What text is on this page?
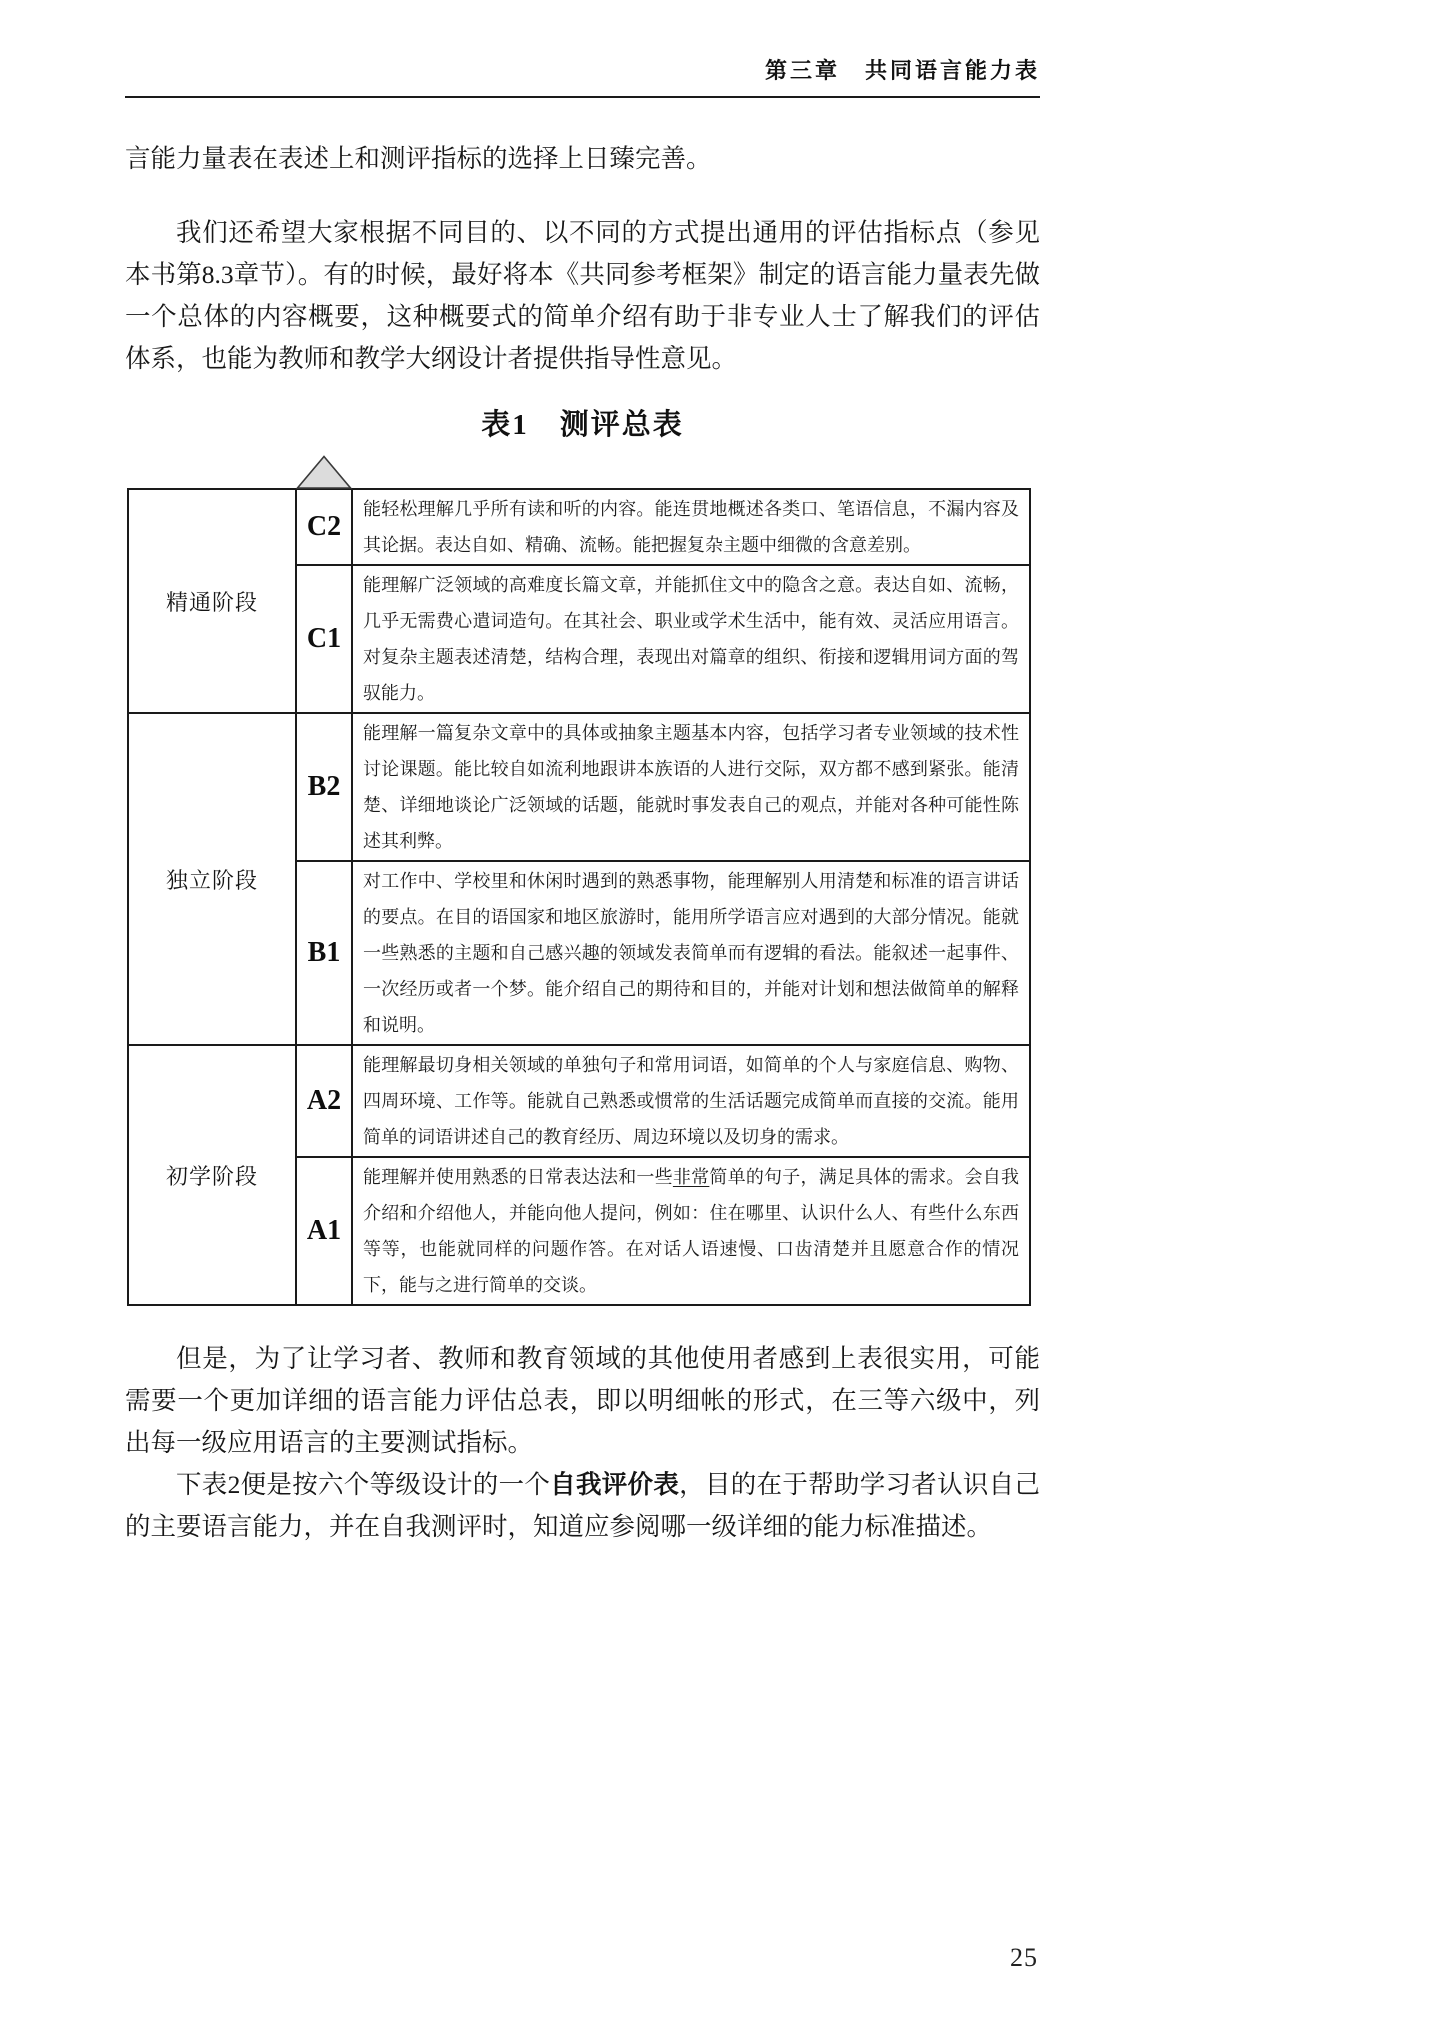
第三章　共同语言能力表

言能力量表在表述上和测评指标的选择上日臻完善。

我们还希望大家根据不同目的、以不同的方式提出通用的评估指标点（参见本书第8.3章节）。有的时候，最好将本《共同参考框架》制定的语言能力量表先做一个总体的内容概要，这种概要式的简单介绍有助于非专业人士了解我们的评估体系，也能为教师和教学大纲设计者提供指导性意见。

表1　测评总表
精通阶段	C2	能轻松理解几乎所有读和听的内容。能连贯地概述各类口、笔语信息，不漏内容及其论据。表达自如、精确、流畅。能把握复杂主题中细微的含意差别。
	C1	能理解广泛领域的高难度长篇文章，并能抓住文中的隐含之意。表达自如、流畅，几乎无需费心遣词造句。在其社会、职业或学术生活中，能有效、灵活应用语言。对复杂主题表述清楚，结构合理，表现出对篇章的组织、衔接和逻辑用词方面的驾驭能力。
独立阶段	B2	能理解一篇复杂文章中的具体或抽象主题基本内容，包括学习者专业领域的技术性讨论课题。能比较自如流利地跟讲本族语的人进行交际，双方都不感到紧张。能清楚、详细地谈论广泛领域的话题，能就时事发表自己的观点，并能对各种可能性陈述其利弊。
	B1	对工作中、学校里和休闲时遇到的熟悉事物，能理解别人用清楚和标准的语言讲话的要点。在目的语国家和地区旅游时，能用所学语言应对遇到的大部分情况。能就一些熟悉的主题和自己感兴趣的领域发表简单而有逻辑的看法。能叙述一起事件、一次经历或者一个梦。能介绍自己的期待和目的，并能对计划和想法做简单的解释和说明。
初学阶段	A2	能理解最切身相关领域的单独句子和常用词语，如简单的个人与家庭信息、购物、四周环境、工作等。能就自己熟悉或惯常的生活话题完成简单而直接的交流。能用简单的词语讲述自己的教育经历、周边环境以及切身的需求。
	A1	能理解并使用熟悉的日常表达法和一些非常简单的句子，满足具体的需求。会自我介绍和介绍他人，并能向他人提问，例如：住在哪里、认识什么人、有些什么东西等等，也能就同样的问题作答。在对话人语速慢、口齿清楚并且愿意合作的情况下，能与之进行简单的交谈。

但是，为了让学习者、教师和教育领域的其他使用者感到上表很实用，可能需要一个更加详细的语言能力评估总表，即以明细帐的形式，在三等六级中，列出每一级应用语言的主要测试指标。

下表2便是按六个等级设计的一个自我评价表，目的在于帮助学习者认识自己的主要语言能力，并在自我测评时，知道应参阅哪一级详细的能力标准描述。

25
